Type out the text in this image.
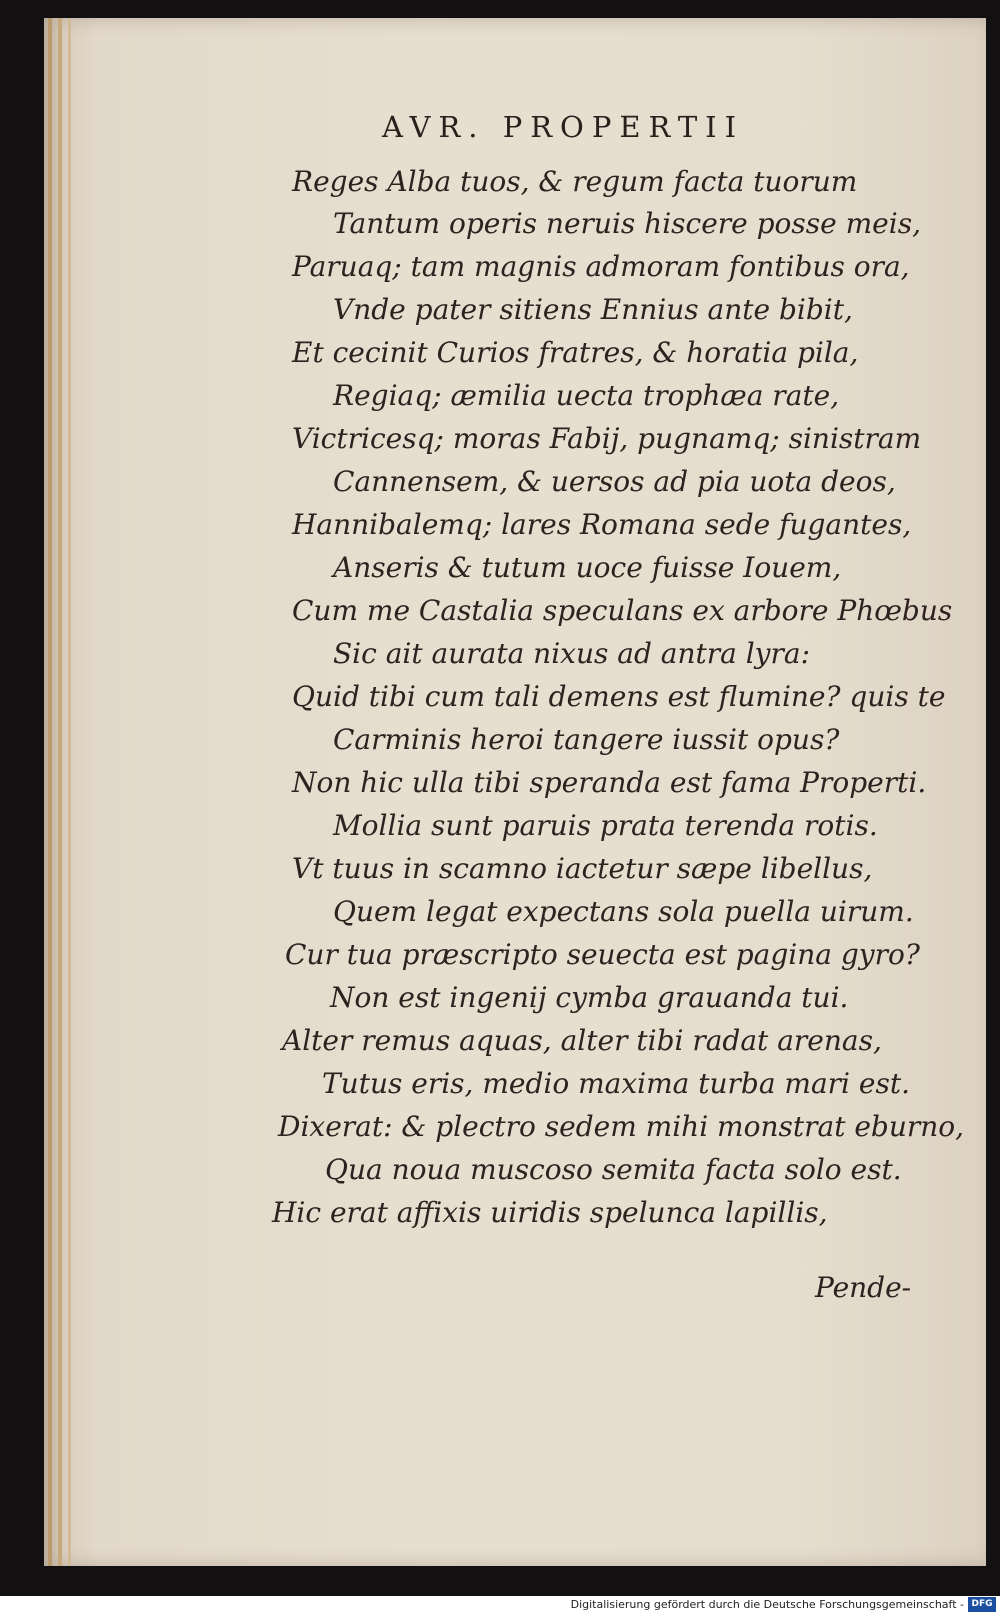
AVR. PROPERTII
Reges Alba tuos, & regum facta tuorum
Tantum operis neruis hiscere posse meis,
Paruaq; tam magnis admoram fontibus ora,
Vnde pater sitiens Ennius ante bibit,
Et cecinit Curios fratres, & horatia pila,
Regiaq; æmilia uecta trophæa rate,
Victricesq; moras Fabij, pugnamq; sinistram
Cannensem, & uersos ad pia uota deos,
Hannibalemq; lares Romana sede fugantes,
Anseris & tutum uoce fuisse Iouem,
Cum me Castalia speculans ex arbore Phœbus
Sic ait aurata nixus ad antra lyra:
Quid tibi cum tali demens est flumine? quis te
Carminis heroi tangere iussit opus?
Non hic ulla tibi speranda est fama Properti.
Mollia sunt paruis prata terenda rotis.
Vt tuus in scamno iactetur sæpe libellus,
Quem legat expectans sola puella uirum.
Cur tua præscripto seuecta est pagina gyro?
Non est ingenij cymba grauanda tui.
Alter remus aquas, alter tibi radat arenas,
Tutus eris, medio maxima turba mari est.
Dixerat: & plectro sedem mihi monstrat eburno,
Qua noua muscoso semita facta solo est.
Hic erat affixis uiridis spelunca lapillis,
Pende-
Digitalisierung gefördert durch die Deutsche Forschungsgemeinschaft - DFG
